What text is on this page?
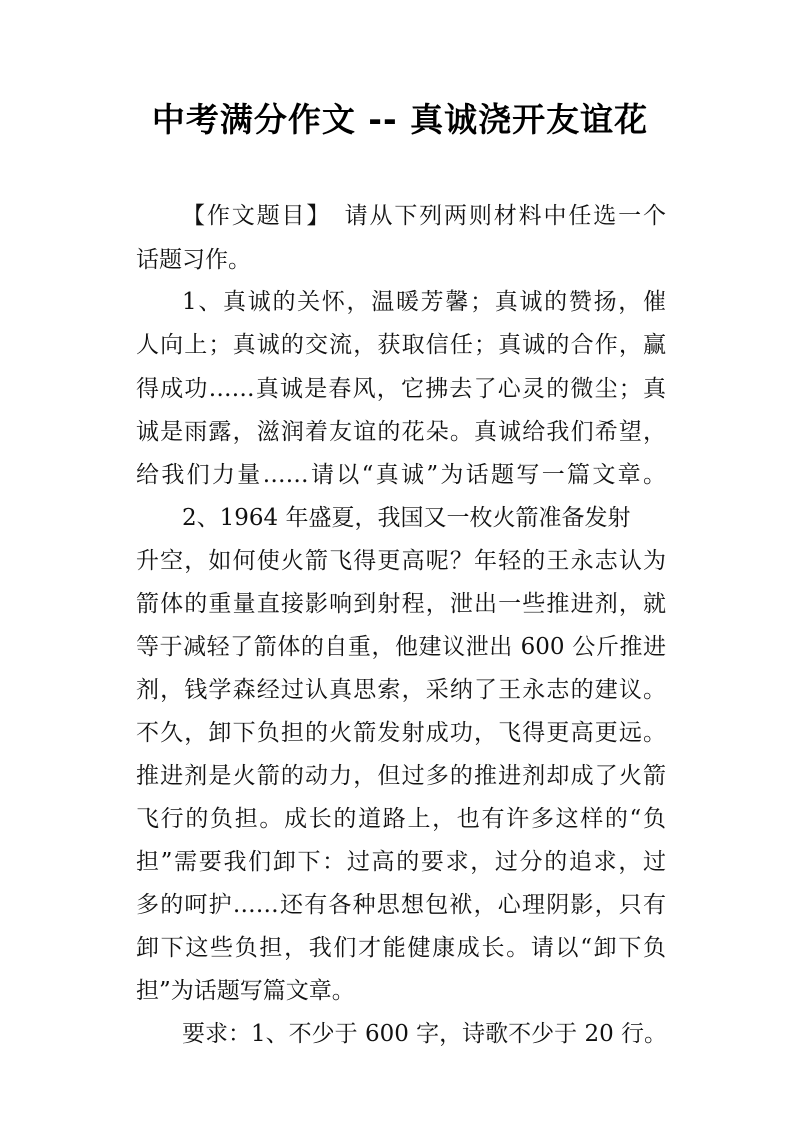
中考满分作文 -- 真诚浇开友谊花
【作文题目】　请从下列两则材料中任选一个
话题习作。
1、真诚的关怀，温暖芳馨；真诚的赞扬，催
人向上；真诚的交流，获取信任；真诚的合作，赢
得成功……真诚是春风，它拂去了心灵的微尘；真
诚是雨露，滋润着友谊的花朵。真诚给我们希望，
给我们力量……请以“真诚”为话题写一篇文章。
2、1964 年盛夏，我国又一枚火箭准备发射
升空，如何使火箭飞得更高呢？年轻的王永志认为
箭体的重量直接影响到射程，泄出一些推进剂，就
等于减轻了箭体的自重，他建议泄出 600 公斤推进
剂，钱学森经过认真思索，采纳了王永志的建议。
不久，卸下负担的火箭发射成功，飞得更高更远。
推进剂是火箭的动力，但过多的推进剂却成了火箭
飞行的负担。成长的道路上，也有许多这样的“负
担”需要我们卸下：过高的要求，过分的追求，过
多的呵护……还有各种思想包袱，心理阴影，只有
卸下这些负担，我们才能健康成长。请以“卸下负
担”为话题写篇文章。
要求：1、不少于 600 字，诗歌不少于 20 行。
